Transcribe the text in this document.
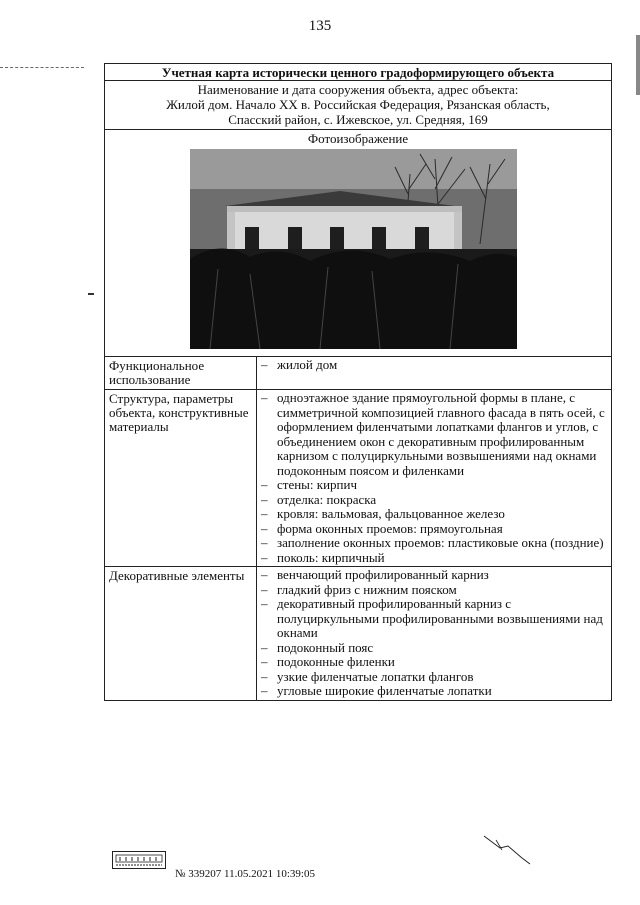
135
Учетная карта исторически ценного градоформирующего объекта
Наименование и дата сооружения объекта, адрес объекта:
Жилой дом. Начало XX в. Российская Федерация, Рязанская область,
Спасский район, с. Ижевское, ул. Средняя, 169
Фотоизображение
Функциональное использование
– жилой дом
Структура, параметры объекта, конструктивные материалы
– одноэтажное здание прямоугольной формы в плане, с симметричной композицией главного фасада в пять осей, с оформлением филенчатыми лопатками флангов и углов, с объединением окон с декоративным профилированным карнизом с полуциркульными возвышениями над окнами подоконным поясом и филенками
– стены: кирпич
– отделка: покраска
– кровля: вальмовая, фальцованное железо
– форма оконных проемов: прямоугольная
– заполнение оконных проемов: пластиковые окна (поздние)
– поколь: кирпичный
Декоративные элементы	– венчающий профилированный карниз
– гладкий фриз с нижним пояском
– декоративный профилированный карниз с полуциркульными профилированными возвышениями над окнами
– подоконный пояс
– подоконные филенки
– узкие филенчатые лопатки флангов
– угловые широкие филенчатые лопатки
№ 339207 11.05.2021 10:39:05
